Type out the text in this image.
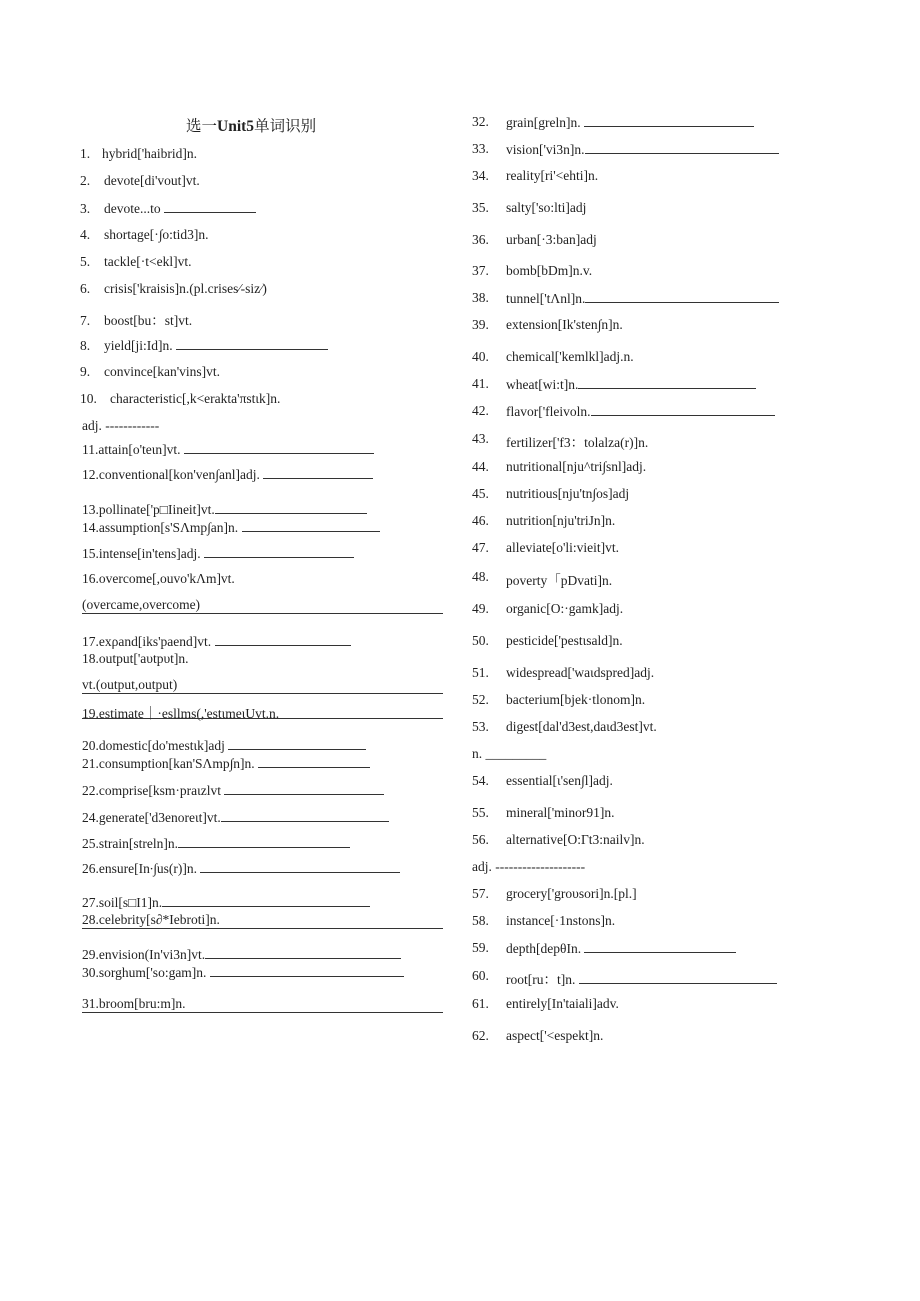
选一Unit5单词识别
1. hybrid['haibrid]n.
2. devote[di'vout]vt.
3. devote...to
4. shortage[·∫o:tid3]n.
5. tackle[·t<ekl]vt.
6. crisis['kraisis]n.(pl.crises⁄-siz⁄)
7. boost[bu：st]vt.
8. yield[ji:Id]n.
9. convince[kan'vins]vt.
10. characteristic[,k<erakta'πstιk]n.
adj. ------------
11.attain[o'teιn]vt.
12.conventional[kon'ven∫anl]adj.
13.pollinate['p□Iineit]vt.
14.assumption[s'SΛmp∫an]n.
15.intense[in'tens]adj.
16.overcome[,ouvo'kΛm]vt.
(overcame,overcome)
17.exρand[iks'paend]vt.
18.output['aυtpυt]n.
vt.(output,output)
19.estimate｜·esllms(,'estιmeιUvt.n.
20.domestic[do'mestιk]adj
21.consumption[kan'SΛmp∫n]n.
22.comprise[ksm·praιzlvt
24.generate['d3enoreιt]vt.
25.strain[streln]n.
26.ensure[In∙∫us(r)]n.
27.soil[s□I1]n.
28.celebrity[s∂*Iebroti]n.
29.envision(In'vi3n]vt.
30.sorghum['so:gam]n.
31.broom[bru:m]n.
32. grain[greln]n.
33. vision['vi3n]n.
34. reality[ri'<ehti]n.
35. salty['so:lti]adj
36. urban[·3:ban]adj
37. bomb[bDm]n.v.
38. tunnel['tΛnl]n.
39. extension[Ik'sten∫n]n.
40. chemical['kemlkl]adj.n.
41. wheat[wi:t]n.
42. flavor['fleivoln.
43. fertilizer['f3：tolalza(r)]n.
44. nutritional[nju^tri∫snl]adj.
45. nutritious[nju'tn∫os]adj
46. nutrition[nju'triJn]n.
47. alleviate[o'li:vieit]vt.
48. poverty「pDvati]n.
49. organic[O:·gamk]adj.
50. pesticide['pestιsald]n.
51. widespread['waιdspred]adj.
52. bacterium[bjek·tlonom]n.
53. digest[dal'd3est,daιd3est]vt.
n. _________
54. essential[ι'sen∫l]adj.
55. mineral['minor91]n.
56. alternative[O:Γt3:nailv]n.
adj. --------------------
57. grocery['groυsori]n.[pl.]
58. instance[·1nstons]n.
59. depth[depθIn.
60. root[ru：t]n.
61. entirely[In'taiali]adv.
62. aspect['<espekt]n.
